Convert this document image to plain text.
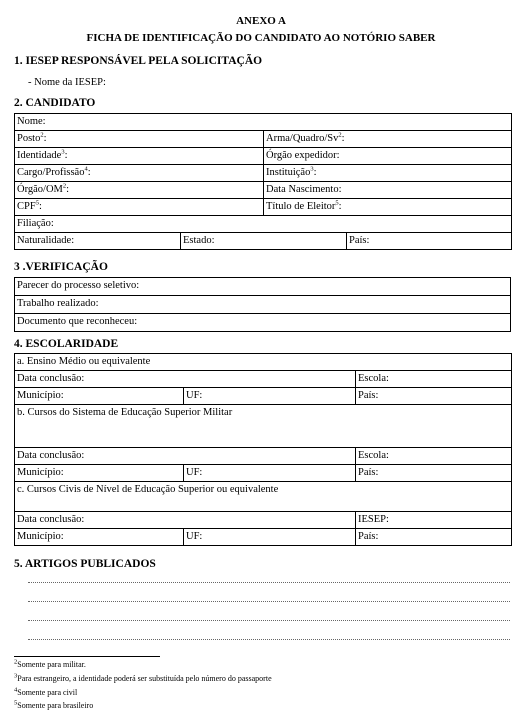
ANEXO A
FICHA DE IDENTIFICAÇÃO DO CANDIDATO AO NOTÓRIO SABER
1. IESEP RESPONSÁVEL PELA SOLICITAÇÃO
- Nome da IESEP:
2. CANDIDATO
Nome:			
Posto$^2$:		Arma/Quadro/Sv$^2$:	
Identidade$^3$:		Órgão expedidor:	
Cargo/Profissão$^4$:		Instituição$^3$:	
Órgão/$OM^2$:		Data Nascimento:	
CPF$^5$:		Título de Eleitor$^5$:	
Filiação:			
Naturalidade:	Estado:		País:
3 .VERIFICAÇÃO
Parecer do processo seletivo:
Trabalho realizado:
Documento que reconheceu:
4. ESCOLARIDADE
a. Ensino Médio ou equivalente		
Data conclusão:		Escola:
Município:	UF:	País:
b. Cursos do Sistema de Educação Superior Militar		
Data conclusão:		Escola:
Município:	UF:	País:
c. Cursos Civis de Nível de Educação Superior ou equivalente		
Data conclusão:		IESEP:
Município:	UF:	País:
5. ARTIGOS PUBLICADOS
$^2$Somente para militar.
$^3$Para estrangeiro, a identidade poderá ser substituída pelo número do passaporte
$^4$Somente para civil
$^5$Somente para brasileiro
